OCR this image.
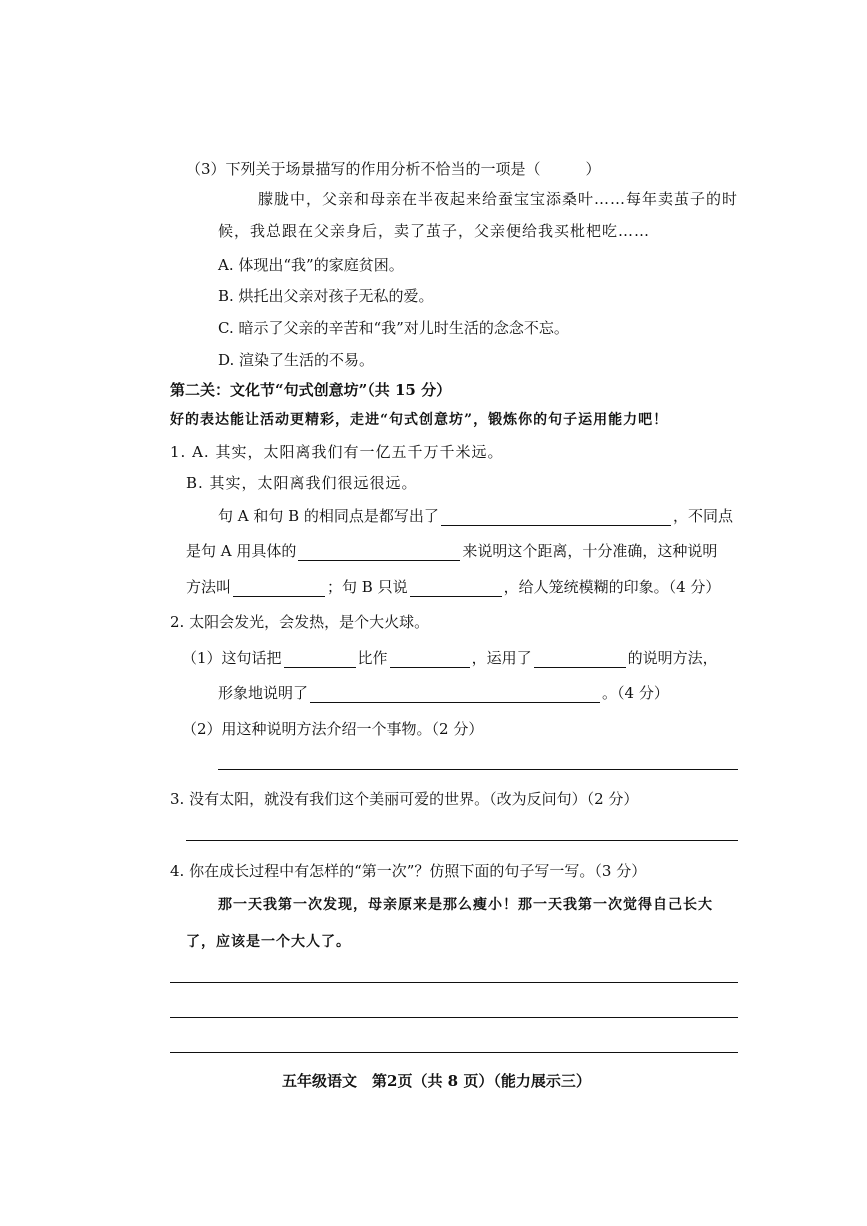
（3）下列关于场景描写的作用分析不恰当的一项是（　　　）
朦胧中，父亲和母亲在半夜起来给蚕宝宝添桑叶……每年卖茧子的时
候，我总跟在父亲身后，卖了茧子，父亲便给我买枇杷吃……
A. 体现出“我”的家庭贫困。
B. 烘托出父亲对孩子无私的爱。
C. 暗示了父亲的辛苦和“我”对儿时生活的念念不忘。
D. 渲染了生活的不易。
第二关：文化节“句式创意坊”（共 15 分）
好的表达能让活动更精彩，走进“句式创意坊”，锻炼你的句子运用能力吧！
1. A. 其实，太阳离我们有一亿五千万千米远。
B. 其实，太阳离我们很远很远。
句 A 和句 B 的相同点是都写出了	，不同点
是句 A 用具体的	来说明这个距离，十分准确，这种说明
方法叫	；句 B 只说	，给人笼统模糊的印象。（4 分）
2. 太阳会发光，会发热，是个大火球。
（1）这句话把	比作	，运用了	的说明方法，
形象地说明了	。（4 分）
（2）用这种说明方法介绍一个事物。（2 分）
3. 没有太阳，就没有我们这个美丽可爱的世界。（改为反问句）（2 分）
4. 你在成长过程中有怎样的“第一次”？仿照下面的句子写一写。（3 分）
那一天我第一次发现，母亲原来是那么瘦小！那一天我第一次觉得自己长大
了，应该是一个大人了。
五年级语文　第2页（共 8 页）（能力展示三）
